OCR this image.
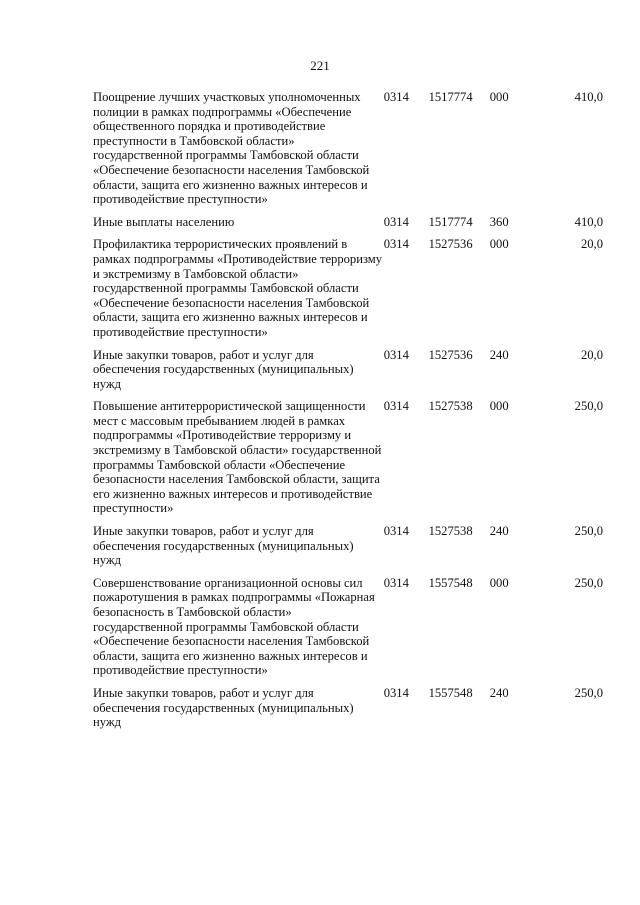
221
Поощрение лучших участковых уполномоченных полиции в рамках подпрограммы «Обеспечение общественного порядка и противодействие преступности в Тамбовской области» государственной программы Тамбовской области «Обеспечение безопасности населения Тамбовской области, защита его жизненно важных интересов и противодействие преступности»	0314	1517774	000	410,0
Иные выплаты населению	0314	1517774	360	410,0
Профилактика террористических проявлений в рамках подпрограммы «Противодействие терроризму и экстремизму в Тамбовской области» государственной программы Тамбовской области «Обеспечение безопасности населения Тамбовской области, защита его жизненно важных интересов и противодействие преступности»	0314	1527536	000	20,0
Иные закупки товаров, работ и услуг для обеспечения государственных (муниципальных) нужд	0314	1527536	240	20,0
Повышение антитеррористической защищенности мест с массовым пребыванием людей в рамках подпрограммы «Противодействие терроризму и экстремизму в Тамбовской области» государственной программы Тамбовской области «Обеспечение безопасности населения Тамбовской области, защита его жизненно важных интересов и противодействие преступности»	0314	1527538	000	250,0
Иные закупки товаров, работ и услуг для обеспечения государственных (муниципальных) нужд	0314	1527538	240	250,0
Совершенствование организационной основы сил пожаротушения в рамках подпрограммы «Пожарная безопасность в Тамбовской области» государственной программы Тамбовской области «Обеспечение безопасности населения Тамбовской области, защита его жизненно важных интересов и противодействие преступности»	0314	1557548	000	250,0
Иные закупки товаров, работ и услуг для обеспечения государственных (муниципальных) нужд	0314	1557548	240	250,0
